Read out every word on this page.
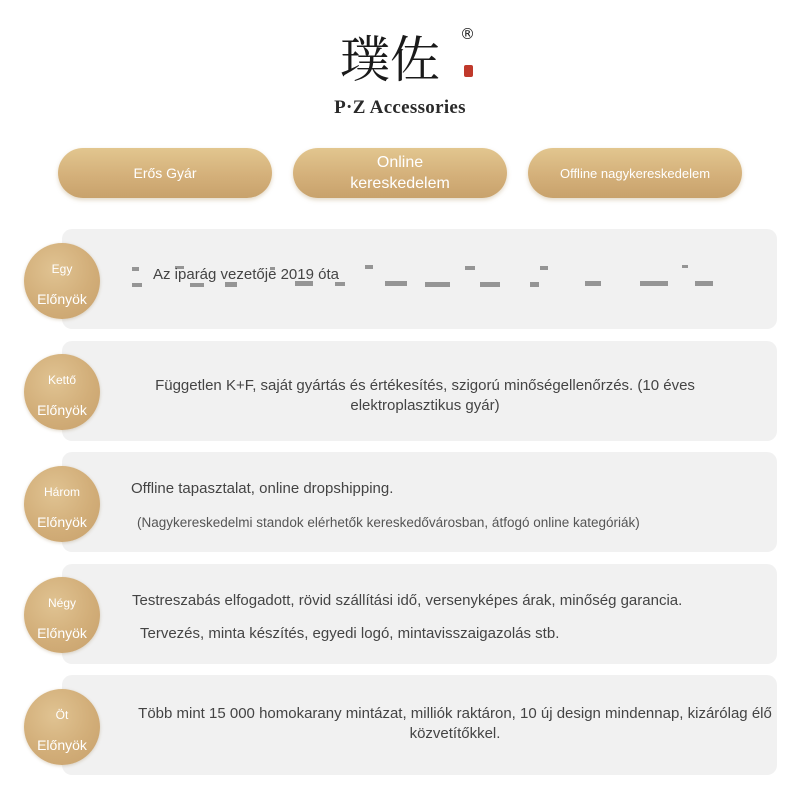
璞佐 ®
P·Z Accessories
Erős Gyár
Online kereskedelem
Offline nagykereskedelem
Egy
Előnyök
Az iparág vezetője 2019 óta
Kettő
Előnyök
Független K+F, saját gyártás és értékesítés, szigorú minőségellenőrzés. (10 éves elektroplasztikus gyár)
Három
Előnyök
Offline tapasztalat, online dropshipping.
(Nagykereskedelmi standok elérhetők kereskedővárosban, átfogó online kategóriák)
Négy
Előnyök
Testreszabás elfogadott, rövid szállítási idő, versenyképes árak, minőség garancia.
Tervezés, minta készítés, egyedi logó, mintavisszaigazolás stb.
Öt
Előnyök
Több mint 15 000 homokarany mintázat, milliók raktáron, 10 új design mindennap, kizárólag élő közvetítőkkel.
